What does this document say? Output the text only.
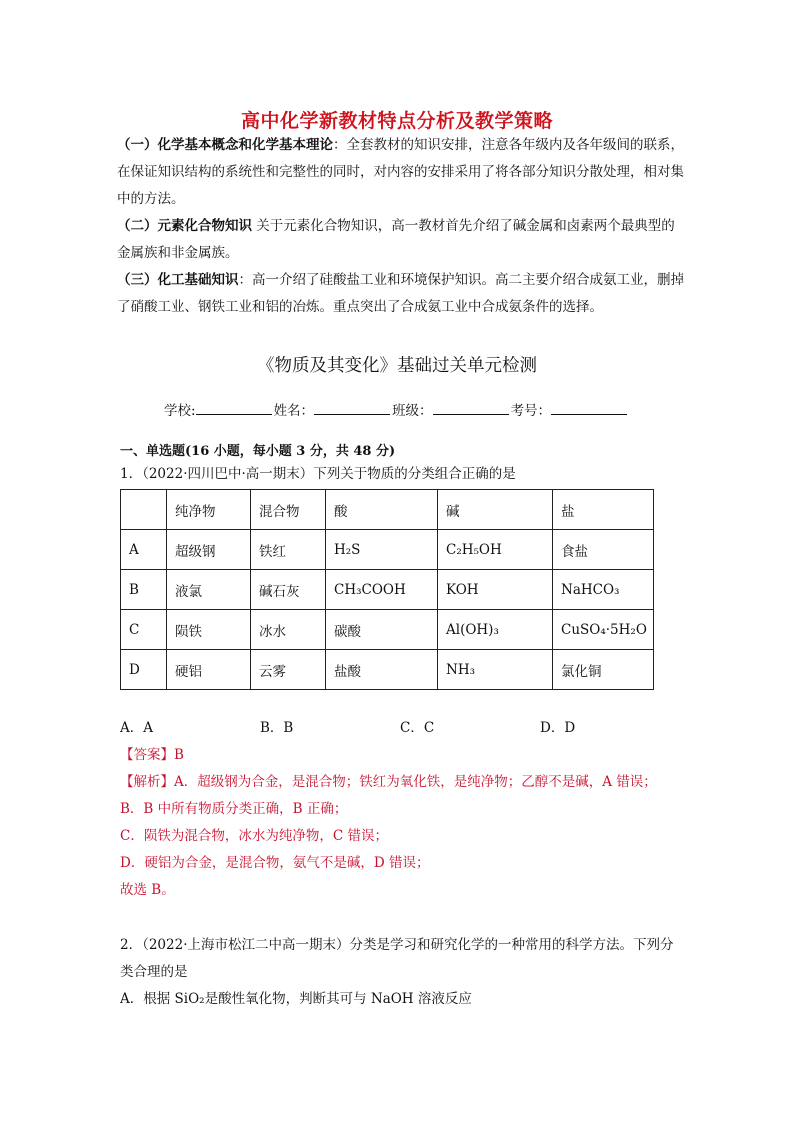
高中化学新教材特点分析及教学策略

（一）化学基本概念和化学基本理论：全套教材的知识安排，注意各年级内及各年级间的联系，在保证知识结构的系统性和完整性的同时，对内容的安排采用了将各部分知识分散处理，相对集中的方法。

（二）元素化合物知识 关于元素化合物知识，高一教材首先介绍了碱金属和卤素两个最典型的金属族和非金属族。

（三）化工基础知识：高一介绍了硅酸盐工业和环境保护知识。高二主要介绍合成氨工业，删掉了硝酸工业、钢铁工业和铝的冶炼。重点突出了合成氨工业中合成氨条件的选择。

《物质及其变化》基础过关单元检测
学校:	姓名：	班级：	考号：
一、单选题(16 小题，每小题 3 分，共 48 分)
1．（2022·四川巴中·高一期末）下列关于物质的分类组合正确的是
	纯净物	混合物	酸	碱	盐
A	超级钢	铁红	H₂S	C₂H₅OH	食盐
B	液氯	碱石灰	CH₃COOH	KOH	NaHCO₃
C	陨铁	冰水	碳酸	Al(OH)₃	CuSO₄·5H₂O
D	硬铝	云雾	盐酸	NH₃	氯化铜
A．A	B．B	C．C	D．D

【答案】B

【解析】A．超级钢为合金，是混合物；铁红为氧化铁，是纯净物；乙醇不是碱，A 错误；

B．B 中所有物质分类正确，B 正确；

C．陨铁为混合物，冰水为纯净物，C 错误；

D．硬铝为合金，是混合物，氨气不是碱，D 错误；

故选 B。

2．（2022·上海市松江二中高一期末）分类是学习和研究化学的一种常用的科学方法。下列分类合理的是

A．根据 SiO₂是酸性氧化物，判断其可与 NaOH 溶液反应
